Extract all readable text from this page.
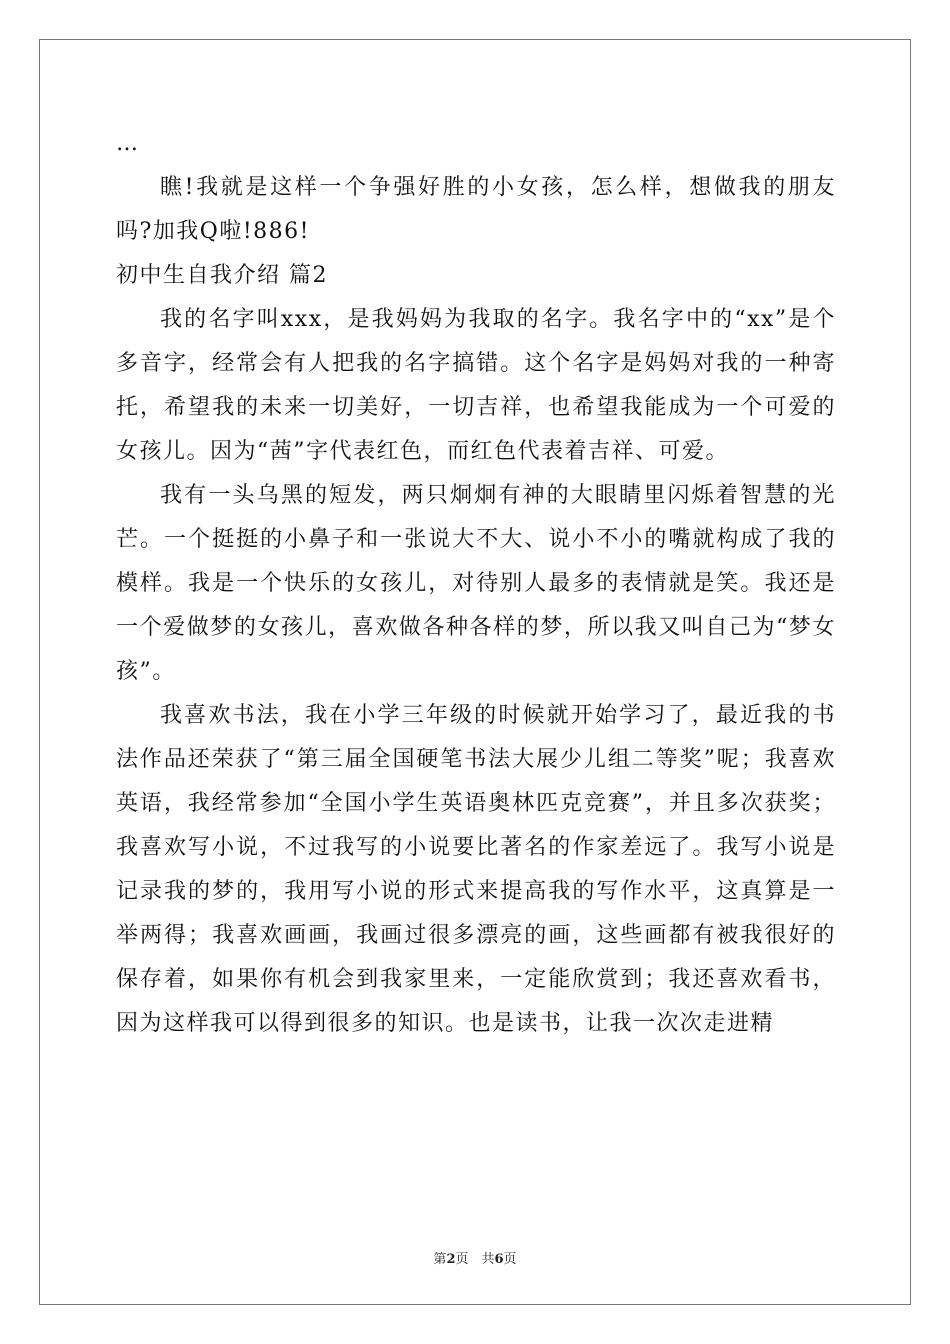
…

瞧!我就是这样一个争强好胜的小女孩，怎么样，想做我的朋友吗?加我Q啦!886!

初中生自我介绍 篇2

我的名字叫xxx，是我妈妈为我取的名字。我名字中的“xx”是个多音字，经常会有人把我的名字搞错。这个名字是妈妈对我的一种寄托，希望我的未来一切美好，一切吉祥，也希望我能成为一个可爱的女孩儿。因为“茜”字代表红色，而红色代表着吉祥、可爱。

我有一头乌黑的短发，两只炯炯有神的大眼睛里闪烁着智慧的光芒。一个挺挺的小鼻子和一张说大不大、说小不小的嘴就构成了我的模样。我是一个快乐的女孩儿，对待别人最多的表情就是笑。我还是一个爱做梦的女孩儿，喜欢做各种各样的梦，所以我又叫自己为“梦女孩”。

我喜欢书法，我在小学三年级的时候就开始学习了，最近我的书法作品还荣获了“第三届全国硬笔书法大展少儿组二等奖”呢；我喜欢英语，我经常参加“全国小学生英语奥林匹克竞赛”，并且多次获奖；我喜欢写小说，不过我写的小说要比著名的作家差远了。我写小说是记录我的梦的，我用写小说的形式来提高我的写作水平，这真算是一举两得；我喜欢画画，我画过很多漂亮的画，这些画都有被我很好的保存着，如果你有机会到我家里来，一定能欣赏到；我还喜欢看书，因为这样我可以得到很多的知识。也是读书，让我一次次走进精

第2页　共6页
